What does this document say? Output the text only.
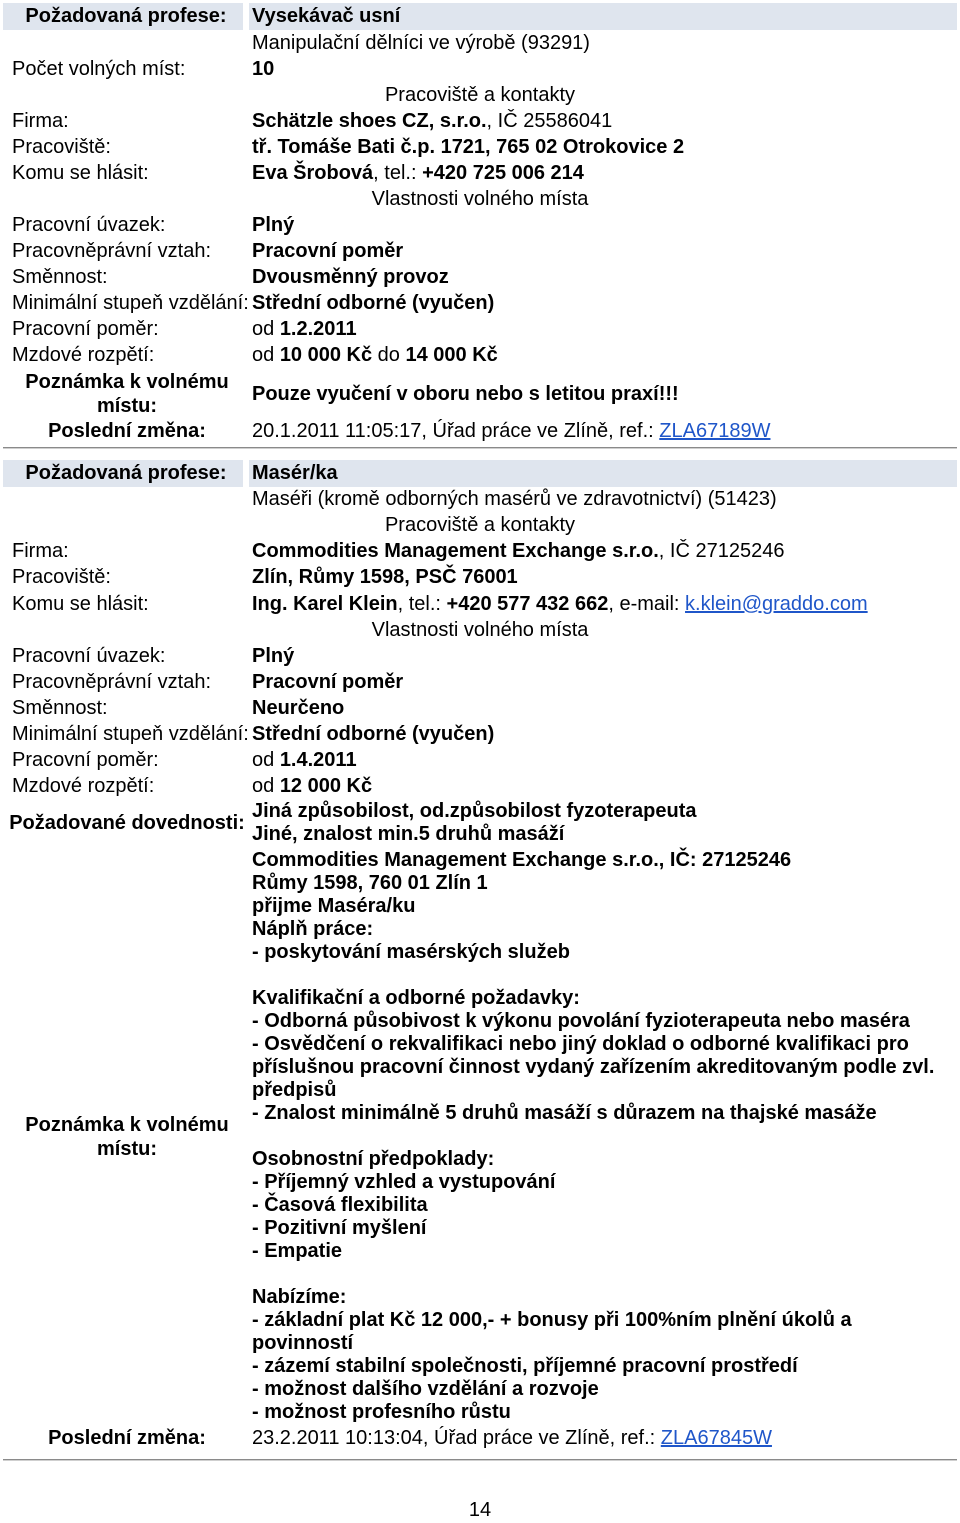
Požadovaná profese:	Vysekávač usní
Manipulační dělníci ve výrobě (93291)
Počet volných míst:	10
Pracoviště a kontakty
Firma:	Schätzle shoes CZ, s.r.o., IČ 25586041
Pracoviště:	tř. Tomáše Bati č.p. 1721, 765 02 Otrokovice 2
Komu se hlásit:	Eva Šrobová, tel.: +420 725 006 214
Vlastnosti volného místa
Pracovní úvazek:	Plný
Pracovněprávní vztah: Pracovní poměr
Směnnost:	Dvousměnný provoz
Minimální stupeň vzdělání: Střední odborné (vyučen)
Pracovní poměr:	od 1.2.2011
Mzdové rozpětí:	od 10 000 Kč do 14 000 Kč
Poznámka k volnému místu:
Pouze vyučení v oboru nebo s letitou praxí!!!
Poslední změna: 20.1.2011 11:05:17, Úřad práce ve Zlíně, ref.: ZLA67189W
Požadovaná profese:	Masér/ka
Maséři (kromě odborných masérů ve zdravotnictví) (51423)
Pracoviště a kontakty
Firma:	Commodities Management Exchange s.r.o., IČ 27125246
Pracoviště:	Zlín, Růmy 1598, PSČ 76001
Komu se hlásit:	Ing. Karel Klein, tel.: +420 577 432 662, e-mail: k.klein@graddo.com
Vlastnosti volného místa
Pracovní úvazek:	Plný
Pracovněprávní vztah: Pracovní poměr
Směnnost:	Neurčeno
Minimální stupeň vzdělání: Střední odborné (vyučen)
Pracovní poměr:	od 1.4.2011
Mzdové rozpětí:	od 12 000 Kč
Požadované dovednosti:
Jiná způsobilost, od.způsobilost fyzoterapeuta
Jiné, znalost min.5 druhů masáží
Poznámka k volnému místu:
Commodities Management Exchange s.r.o., IČ: 27125246
Růmy 1598, 760 01 Zlín 1
přijme Maséra/ku
Náplň práce:
- poskytování masérských služeb
Kvalifikační a odborné požadavky:
- Odborná působivost k výkonu povolání fyzioterapeuta nebo maséra
- Osvědčení o rekvalifikaci nebo jiný doklad o odborné kvalifikaci pro
příslušnou pracovní činnost vydaný zařízením akreditovaným podle zvl.
předpisů
- Znalost minimálně 5 druhů masáží s důrazem na thajské masáže
Osobnostní předpoklady:
- Příjemný vzhled a vystupování
- Časová flexibilita
- Pozitivní myšlení
- Empatie
Nabízíme:
- základní plat Kč 12 000,- + bonusy při 100%ním plnění úkolů a
povinností
- zázemí stabilní společnosti, příjemné pracovní prostředí
- možnost dalšího vzdělání a rozvoje
- možnost profesního růstu
Poslední změna: 23.2.2011 10:13:04, Úřad práce ve Zlíně, ref.: ZLA67845W
14
